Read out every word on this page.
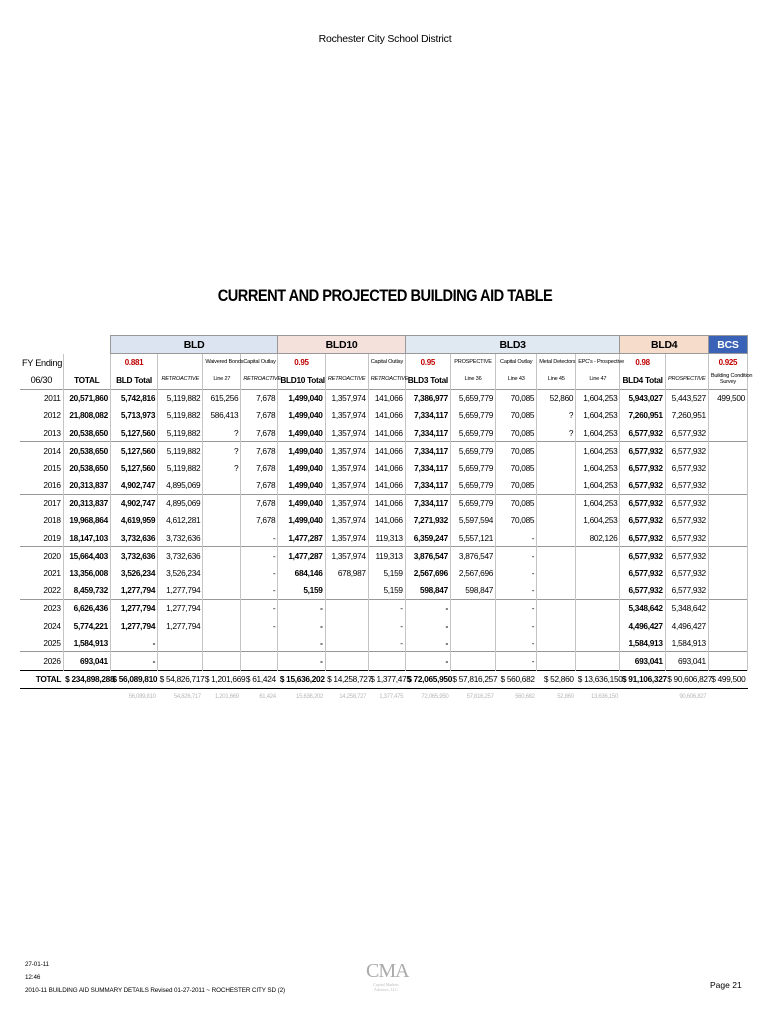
Rochester City School District
CURRENT AND PROJECTED BUILDING AID TABLE
		BLD				BLD10			BLD3					BLD4		BCS
FY Ending		0.881		Waivered Bonds	Capital Outlay	0.95		Capital Outlay	0.95	PROSPECTIVE	Capital Outlay	Metal Detectors	EPC's - Prospective	0.98		0.925
06/30	TOTAL	BLD Total	RETROACTIVE	Line 27	RETROACTIVE	BLD10 Total	RETROACTIVE	RETROACTIVE	BLD3 Total	Line 36	Line 43	Line 45	Line 47	BLD4 Total	PROSPECTIVE	Building Condition
Survey
2011	20,571,860	5,742,816	5,119,882	615,256	7,678	1,499,040	1,357,974	141,066	7,386,977	5,659,779	70,085	52,860	1,604,253	5,943,027	5,443,527	499,500
2012	21,808,082	5,713,973	5,119,882	586,413	7,678	1,499,040	1,357,974	141,066	7,334,117	5,659,779	70,085	?	1,604,253	7,260,951	7,260,951	
2013	20,538,650	5,127,560	5,119,882	?	7,678	1,499,040	1,357,974	141,066	7,334,117	5,659,779	70,085	?	1,604,253	6,577,932	6,577,932	
2014	20,538,650	5,127,560	5,119,882	?	7,678	1,499,040	1,357,974	141,066	7,334,117	5,659,779	70,085		1,604,253	6,577,932	6,577,932	
2015	20,538,650	5,127,560	5,119,882	?	7,678	1,499,040	1,357,974	141,066	7,334,117	5,659,779	70,085		1,604,253	6,577,932	6,577,932	
2016	20,313,837	4,902,747	4,895,069		7,678	1,499,040	1,357,974	141,066	7,334,117	5,659,779	70,085		1,604,253	6,577,932	6,577,932	
2017	20,313,837	4,902,747	4,895,069		7,678	1,499,040	1,357,974	141,066	7,334,117	5,659,779	70,085		1,604,253	6,577,932	6,577,932	
2018	19,968,864	4,619,959	4,612,281		7,678	1,499,040	1,357,974	141,066	7,271,932	5,597,594	70,085		1,604,253	6,577,932	6,577,932	
2019	18,147,103	3,732,636	3,732,636		-	1,477,287	1,357,974	119,313	6,359,247	5,557,121	-		802,126	6,577,932	6,577,932	
2020	15,664,403	3,732,636	3,732,636		-	1,477,287	1,357,974	119,313	3,876,547	3,876,547	-			6,577,932	6,577,932	
2021	13,356,008	3,526,234	3,526,234		-	684,146	678,987	5,159	2,567,696	2,567,696	-			6,577,932	6,577,932	
2022	8,459,732	1,277,794	1,277,794		-	5,159		5,159	598,847	598,847	-			6,577,932	6,577,932	
2023	6,626,436	1,277,794	1,277,794		-	-		-	-		-			5,348,642	5,348,642	
2024	5,774,221	1,277,794	1,277,794		-	-		-	-		-			4,496,427	4,496,427	
2025	1,584,913	-				-		-	-		-			1,584,913	1,584,913	
2026	693,041	-				-			-		-			693,041	693,041	
TOTAL	$ 234,898,288	$ 56,089,810	$ 54,826,717	$ 1,201,669	$ 61,424	$ 15,636,202	$ 14,258,727	$ 1,377,475	$ 72,065,950	$ 57,816,257	$ 560,682	$ 52,860	$ 13,636,150	$ 91,106,327	$ 90,606,827	$ 499,500
		56,089,810	54,826,717	1,201,669	61,424	15,636,202	14,258,727	1,377,475	72,065,950	57,816,257	560,682	52,860	13,636,150		90,606,827	
27-01-11
12:46
2010-11 BUILDING AID SUMMARY DETAILS Revised 01-27-2011 ~ ROCHESTER CITY SD (2)
CMA
Capital Markets Advisors, LLC	Page 21
